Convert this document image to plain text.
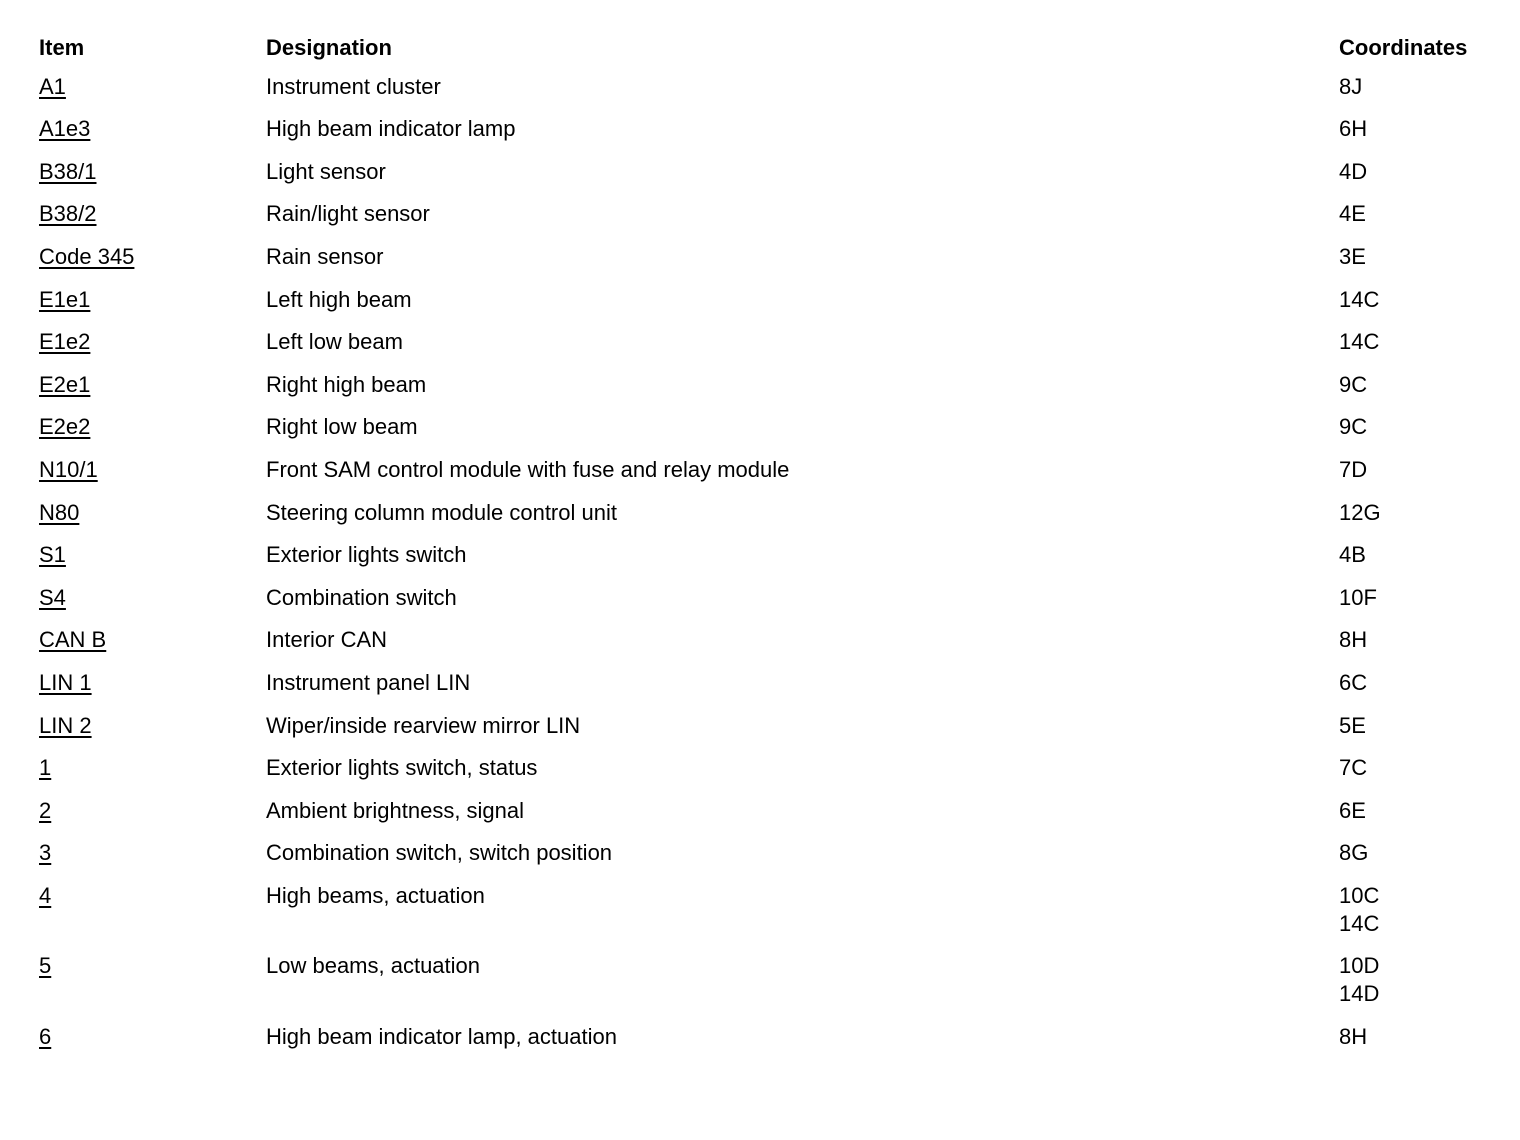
Item	Designation	Coordinates
A1	Instrument cluster	8J
A1e3	High beam indicator lamp	6H
B38/1	Light sensor	4D
B38/2	Rain/light sensor	4E
Code 345	Rain sensor	3E
E1e1	Left high beam	14C
E1e2	Left low beam	14C
E2e1	Right high beam	9C
E2e2	Right low beam	9C
N10/1	Front SAM control module with fuse and relay module	7D
N80	Steering column module control unit	12G
S1	Exterior lights switch	4B
S4	Combination switch	10F
CAN B	Interior CAN	8H
LIN 1	Instrument panel LIN	6C
LIN 2	Wiper/inside rearview mirror LIN	5E
1	Exterior lights switch, status	7C
2	Ambient brightness, signal	6E
3	Combination switch, switch position	8G
4	High beams, actuation	10C
14C
5	Low beams, actuation	10D
14D
6	High beam indicator lamp, actuation	8H
